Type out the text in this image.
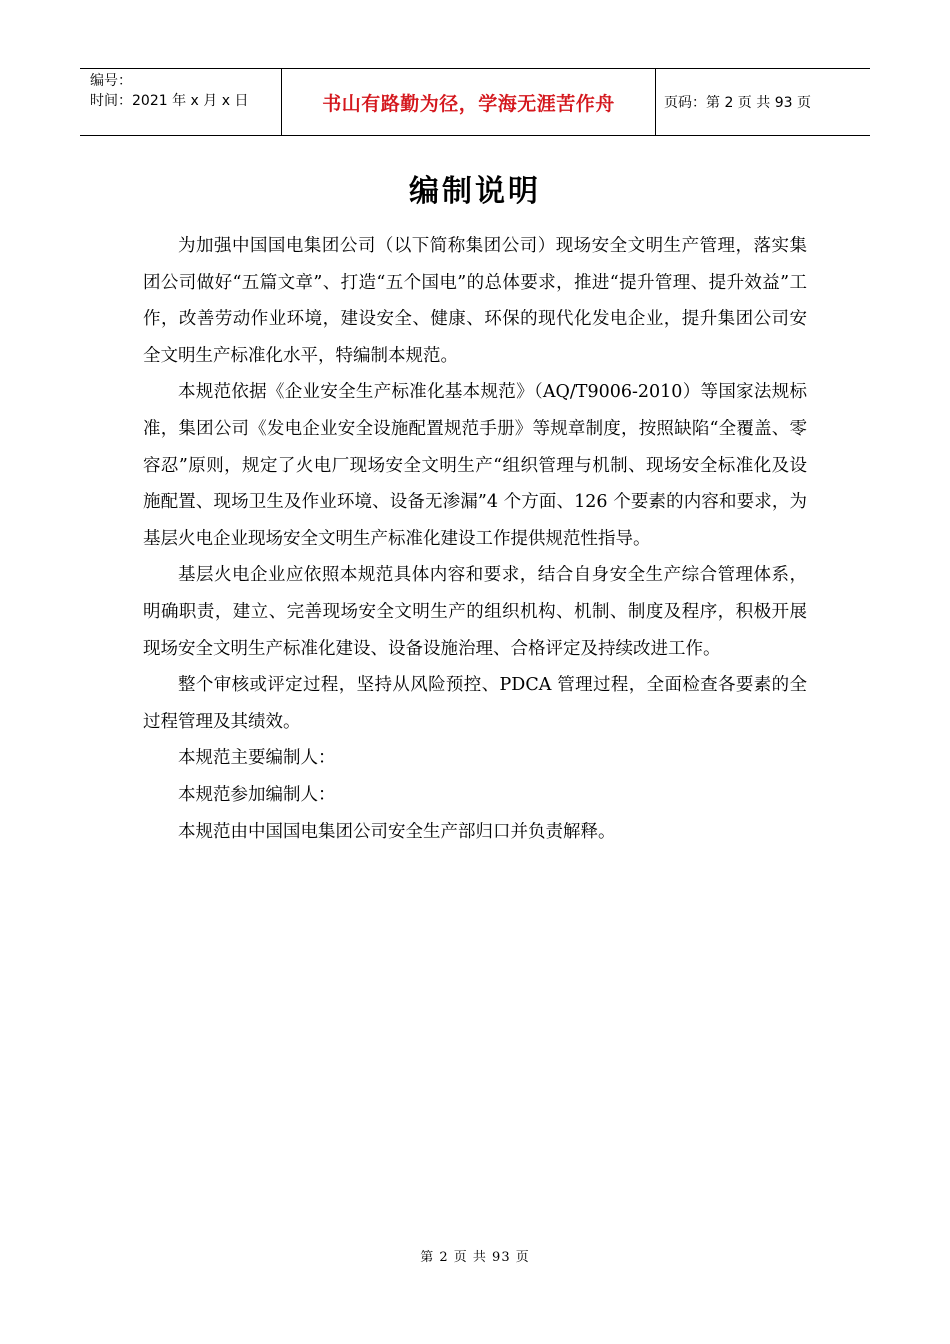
编号：
时间：2021 年 x 月 x 日	书山有路勤为径，学海无涯苦作舟	页码：第 2 页 共 93 页
编制说明

为加强中国国电集团公司（以下简称集团公司）现场安全文明生产管理，落实集团公司做好“五篇文章”、打造“五个国电”的总体要求，推进“提升管理、提升效益”工作，改善劳动作业环境，建设安全、健康、环保的现代化发电企业，提升集团公司安全文明生产标准化水平，特编制本规范。

本规范依据《企业安全生产标准化基本规范》（AQ/T9006-2010）等国家法规标准，集团公司《发电企业安全设施配置规范手册》等规章制度，按照缺陷“全覆盖、零容忍”原则，规定了火电厂现场安全文明生产“组织管理与机制、现场安全标准化及设施配置、现场卫生及作业环境、设备无渗漏”4 个方面、126 个要素的内容和要求，为基层火电企业现场安全文明生产标准化建设工作提供规范性指导。

基层火电企业应依照本规范具体内容和要求，结合自身安全生产综合管理体系，明确职责，建立、完善现场安全文明生产的组织机构、机制、制度及程序，积极开展现场安全文明生产标准化建设、设备设施治理、合格评定及持续改进工作。

整个审核或评定过程，坚持从风险预控、PDCA 管理过程，全面检查各要素的全过程管理及其绩效。

本规范主要编制人：

本规范参加编制人：

本规范由中国国电集团公司安全生产部归口并负责解释。

第 2 页 共 93 页
